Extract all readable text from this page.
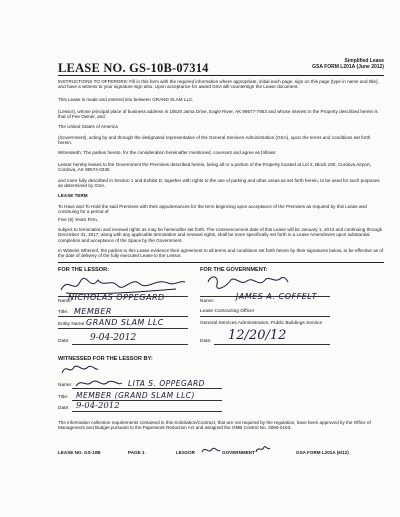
LEASE NO. GS-10B-07314	Simplified Lease
GSA FORM L201A (June 2012)
INSTRUCTIONS TO OFFERORS: Fill in this form with the required information where appropriate, initial each page, sign on this page (type in name and title), and have a witness to your signature sign also. Upon acceptance for award GSA will countersign the Lease document.
This Lease is made and entered into between GRAND SLAM LLC,
(Lessor), whose principal place of business address is 18520 Jama Drive, Eagle River, AK 99577-7953 and whose interest in the Property described herein is that of Fee Owner, and
The United States of America
(Government), acting by and through the designated representative of the General Services Administration (GSA), upon the terms and conditions set forth herein.
Witnesseth: The parties hereto, for the consideration hereinafter mentioned, covenant and agree as follows:
Lessor hereby leases to the Government the Premises described herein, being all or a portion of the Property located at Lot 2, Block 100, Cordova Airport, Cordova, AK 99574-0336
and more fully described in Section 1 and Exhibit D, together with rights to the use of parking and other areas as set forth herein, to be used for such purposes as determined by GSA.
LEASE TERM
To Have and To Hold the said Premises with their appurtenances for the term beginning upon acceptance of the Premises as required by this Lease and continuing for a period of
Five (5) Years Firm,
subject to termination and renewal rights as may be hereinafter set forth. The commencement date of this Lease will be January 1, 2013 and continuing through December 31, 2017; along with any applicable termination and renewal rights, shall be more specifically set forth in a Lease Amendment upon substantial completion and acceptance of the Space by the Government.
In Witness Whereof, the parties to this Lease evidence their agreement to all terms and conditions set forth herein by their signatures below, to be effective as of the date of delivery of the fully executed Lease to the Lessor.
FOR THE LESSOR:	FOR THE GOVERNMENT:
Name:
NICHOLAS OPPEGARD
Title: MEMBER
Entity Name: GRAND SLAM LLC
Date: 9-04-2012
Name:
JAMES A. COFFELT
Lease Contracting Officer
General Services Administration, Public Buildings Service
Date: 12/20/12
WITNESSED FOR THE LESSOR BY:
Name:	LITA S. OPPEGARD
Title: MEMBER (GRAND SLAM LLC)
Date: 9-04-2012
The information collection requirements contained in this Solicitation/Contract, that are not required by the regulation, have been approved by the Office of Management and Budget pursuant to the Paperwork Reduction Act and assigned the OMB Control No. 3090-0163.
LEASE NO. GS-10B	PAGE 1	LESSOR	GOVERNMENT	GSA FORM L201A (6/12)
